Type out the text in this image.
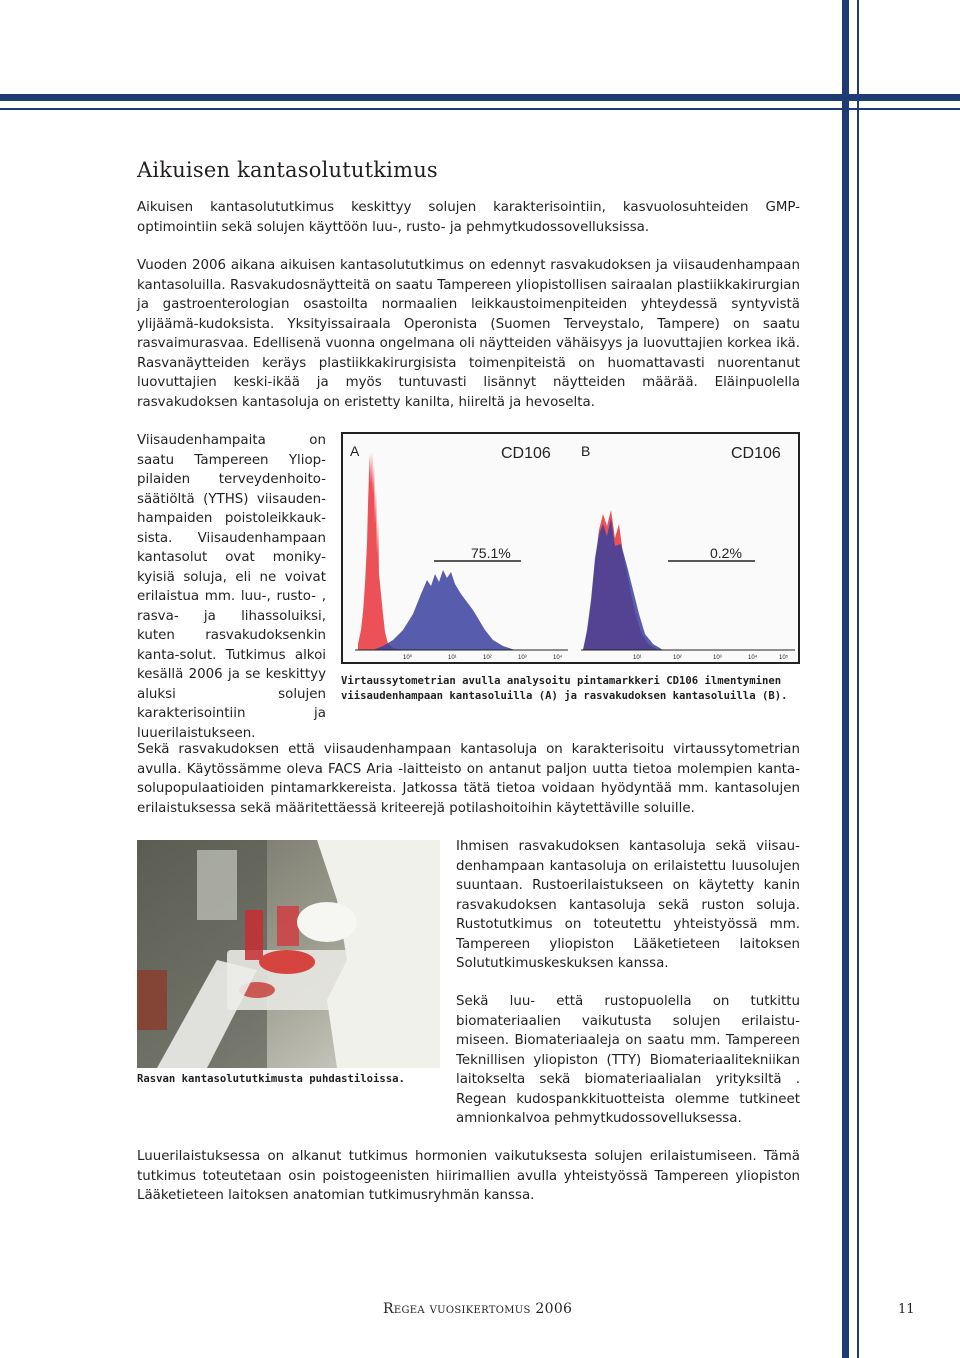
Aikuisen kantasolututkimus

Aikuisen kantasolututkimus keskittyy solujen karakterisointiin, kasvuolosuhteiden GMP-optimointiin sekä solujen käyttöön luu-, rusto- ja pehmytkudossovelluksissa.

Vuoden 2006 aikana aikuisen kantasolututkimus on edennyt rasvakudoksen ja viisaudenhampaan kantasoluilla. Rasvakudosnäytteitä on saatu Tampereen yliopistollisen sairaalan plastiikkakirurgian ja gastroenterologian osastoilta normaalien leikkaustoimenpiteiden yhteydessä syntyvistä ylijäämä-kudoksista. Yksityissairaala Operonista (Suomen Terveystalo, Tampere) on saatu rasvaimurasvaa. Edellisenä vuonna ongelmana oli näytteiden vähäisyys ja luovuttajien korkea ikä. Rasvanäytteiden keräys plastiikkakirurgisista toimenpiteistä on huomattavasti nuorentanut luovuttajien keski-ikää ja myös tuntuvasti lisännyt näytteiden määrää. Eläinpuolella rasvakudoksen kantasoluja on eristetty kanilta, hiireltä ja hevoselta.

Viisaudenhampaita on saatu Tampereen Yliop-pilaiden terveydenhoito-säätiöltä (YTHS) viisauden-hampaiden poistoleikkauk-sista. Viisaudenhampaan kantasolut ovat moniky-kyisiä soluja, eli ne voivat erilaistua mm. luu-, rusto- , rasva- ja lihassoluiksi, kuten rasvakudoksenkin kanta-solut. Tutkimus alkoi kesällä 2006 ja se keskittyy aluksi solujen karakterisointiin ja luuerilaistukseen.

A	CD106
75.1%
B	CD106
0.2%
10⁰	10¹	10²	10³	10⁴	10¹	10²	10³	10⁴	10⁵

Virtaussytometrian avulla analysoitu pintamarkkeri CD106 ilmentyminen viisaudenhampaan kantasoluilla (A) ja rasvakudoksen kantasoluilla (B).

Sekä rasvakudoksen että viisaudenhampaan kantasoluja on karakterisoitu virtaussytometrian avulla. Käytössämme oleva FACS Aria -laitteisto on antanut paljon uutta tietoa molempien kanta-solupopulaatioiden pintamarkkereista. Jatkossa tätä tietoa voidaan hyödyntää mm. kantasolujen erilaistuksessa sekä määritettäessä kriteerejä potilashoitoihin käytettäville soluille.

Rasvan kantasolututkimusta puhdastiloissa.

Ihmisen rasvakudoksen kantasoluja sekä viisau-denhampaan kantasoluja on erilaistettu luusolujen suuntaan. Rustoerilaistukseen on käytetty kanin rasvakudoksen kantasoluja sekä ruston soluja. Rustotutkimus on toteutettu yhteistyössä mm. Tampereen yliopiston Lääketieteen laitoksen Solututkimuskeskuksen kanssa.

Sekä luu- että rustopuolella on tutkittu biomateriaalien vaikutusta solujen erilaistu-miseen. Biomateriaaleja on saatu mm. Tampereen Teknillisen yliopiston (TTY) Biomateriaalitekniikan laitokselta sekä biomateriaalialan yrityksiltä . Regean kudospankkituotteista olemme tutkineet amnionkalvoa pehmytkudossovelluksessa.

Luuerilaistuksessa on alkanut tutkimus hormonien vaikutuksesta solujen erilaistumiseen. Tämä tutkimus toteutetaan osin poistogeenisten hiirimallien avulla yhteistyössä Tampereen yliopiston Lääketieteen laitoksen anatomian tutkimusryhmän kanssa.

Regea vuosikertomus 2006	11
